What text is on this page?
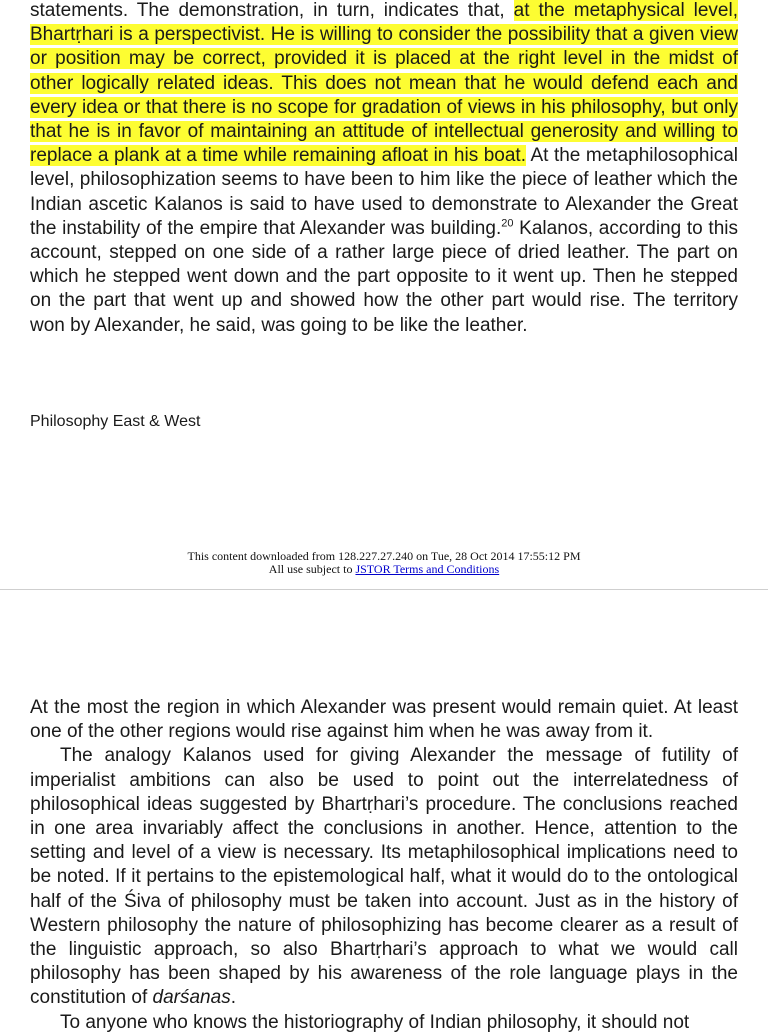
statements. The demonstration, in turn, indicates that, at the metaphysical level, Bhartṛhari is a perspectivist. He is willing to consider the possibility that a given view or position may be correct, provided it is placed at the right level in the midst of other logically related ideas. This does not mean that he would defend each and every idea or that there is no scope for gradation of views in his philosophy, but only that he is in favor of maintaining an attitude of intellectual generosity and willing to replace a plank at a time while remaining afloat in his boat. At the metaphilosophical level, philosophization seems to have been to him like the piece of leather which the Indian ascetic Kalanos is said to have used to demonstrate to Alexander the Great the instability of the empire that Alexander was building.$^{20}$ Kalanos, according to this account, stepped on one side of a rather large piece of dried leather. The part on which he stepped went down and the part opposite to it went up. Then he stepped on the part that went up and showed how the other part would rise. The territory won by Alexander, he said, was going to be like the leather.

Philosophy East & West

This content downloaded from 128.227.27.240 on Tue, 28 Oct 2014 17:55:12 PM
All use subject to JSTOR Terms and Conditions

At the most the region in which Alexander was present would remain quiet. At least one of the other regions would rise against him when he was away from it.
The analogy Kalanos used for giving Alexander the message of futility of imperialist ambitions can also be used to point out the interrelatedness of philosophical ideas suggested by Bhartṛhari’s procedure. The conclusions reached in one area invariably affect the conclusions in another. Hence, attention to the setting and level of a view is necessary. Its metaphilosophical implications need to be noted. If it pertains to the epistemological half, what it would do to the ontological half of the Śiva of philosophy must be taken into account. Just as in the history of Western philosophy the nature of philosophizing has become clearer as a result of the linguistic approach, so also Bhartṛhari’s approach to what we would call philosophy has been shaped by his awareness of the role language plays in the constitution of darśanas.
To anyone who knows the historiography of Indian philosophy, it should not
